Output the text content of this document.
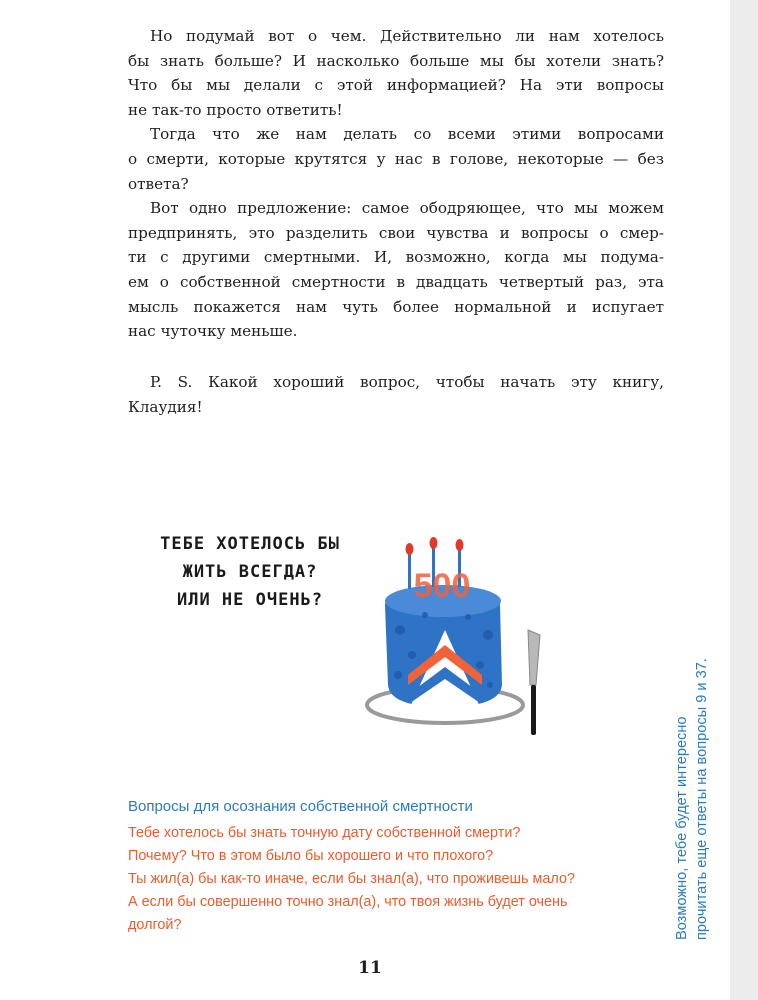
Но подумай вот о чем. Действительно ли нам хотелось
бы знать больше? И насколько больше мы бы хотели знать?
Что бы мы делали с этой информацией? На эти вопросы
не так-то просто ответить!

Тогда что же нам делать со всеми этими вопросами
о смерти, которые крутятся у нас в голове, некоторые — без
ответа?

Вот одно предложение: самое ободряющее, что мы можем
предпринять, это разделить свои чувства и вопросы о смер-
ти с другими смертными. И, возможно, когда мы подума-
ем о собственной смертности в двадцать четвертый раз, эта
мысль покажется нам чуть более нормальной и испугает
нас чуточку меньше.

P. S. Какой хороший вопрос, чтобы начать эту книгу,
Клаудия!
ТЕБЕ ХОТЕЛОСЬ БЫ
ЖИТЬ ВСЕГДА?
ИЛИ НЕ ОЧЕНЬ?	500
Вопросы для осознания собственной смертности
Тебе хотелось бы знать точную дату собственной смерти?
Почему? Что в этом было бы хорошего и что плохого?
Ты жил(а) бы как-то иначе, если бы знал(а), что проживешь мало?
А если бы совершенно точно знал(а), что твоя жизнь будет очень
долгой?	Возможно, тебе будет интересно прочитать еще ответы на вопросы 9 и 37.
11
